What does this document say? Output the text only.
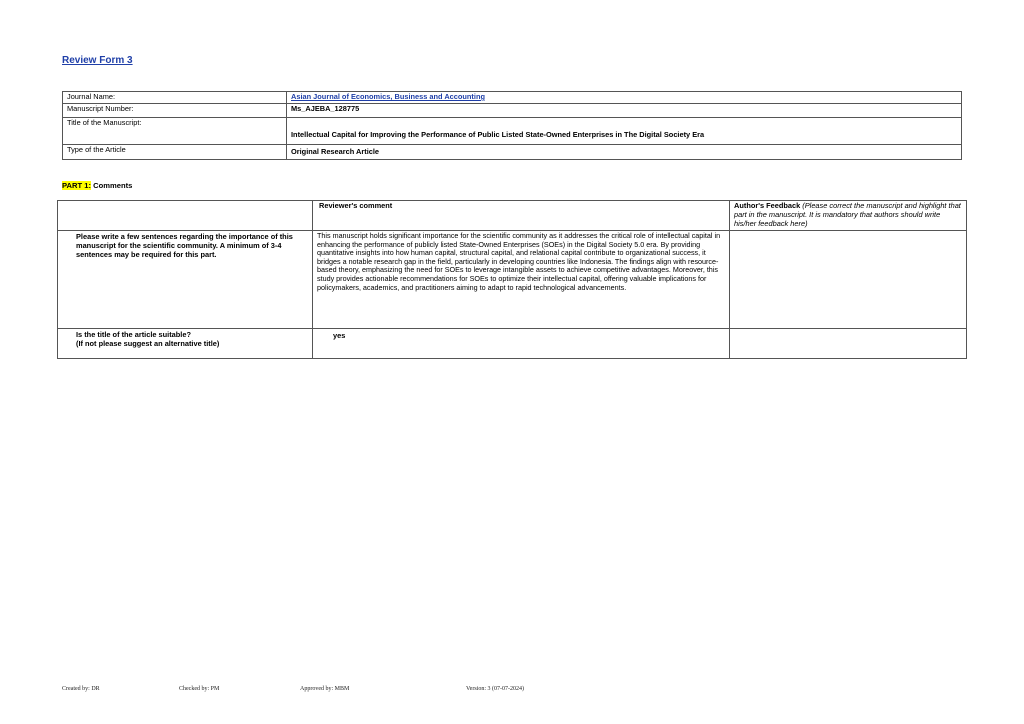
Review Form 3
Journal Name:	Asian Journal of Economics, Business and Accounting
Manuscript Number:	Ms_AJEBA_128775
Title of the Manuscript:	Intellectual Capital for Improving the Performance of Public Listed State-Owned Enterprises in The Digital Society Era
Type of the Article	Original Research Article
PART 1: Comments
	Reviewer's comment	Author's Feedback (Please correct the manuscript and highlight that part in the manuscript. It is mandatory that authors should write his/her feedback here)
Please write a few sentences regarding the importance of this manuscript for the scientific community. A minimum of 3-4 sentences may be required for this part.	This manuscript holds significant importance for the scientific community as it addresses the critical role of intellectual capital in enhancing the performance of publicly listed State-Owned Enterprises (SOEs) in the Digital Society 5.0 era. By providing quantitative insights into how human capital, structural capital, and relational capital contribute to organizational success, it bridges a notable research gap in the field, particularly in developing countries like Indonesia. The findings align with resource-based theory, emphasizing the need for SOEs to leverage intangible assets to achieve competitive advantages. Moreover, this study provides actionable recommendations for SOEs to optimize their intellectual capital, offering valuable implications for policymakers, academics, and practitioners aiming to adapt to rapid technological advancements.	

Is the title of the article suitable?
(If not please suggest an alternative title)	yes	
Created by: DR	Checked by: PM	Approved by: MBM	Version: 3 (07-07-2024)
